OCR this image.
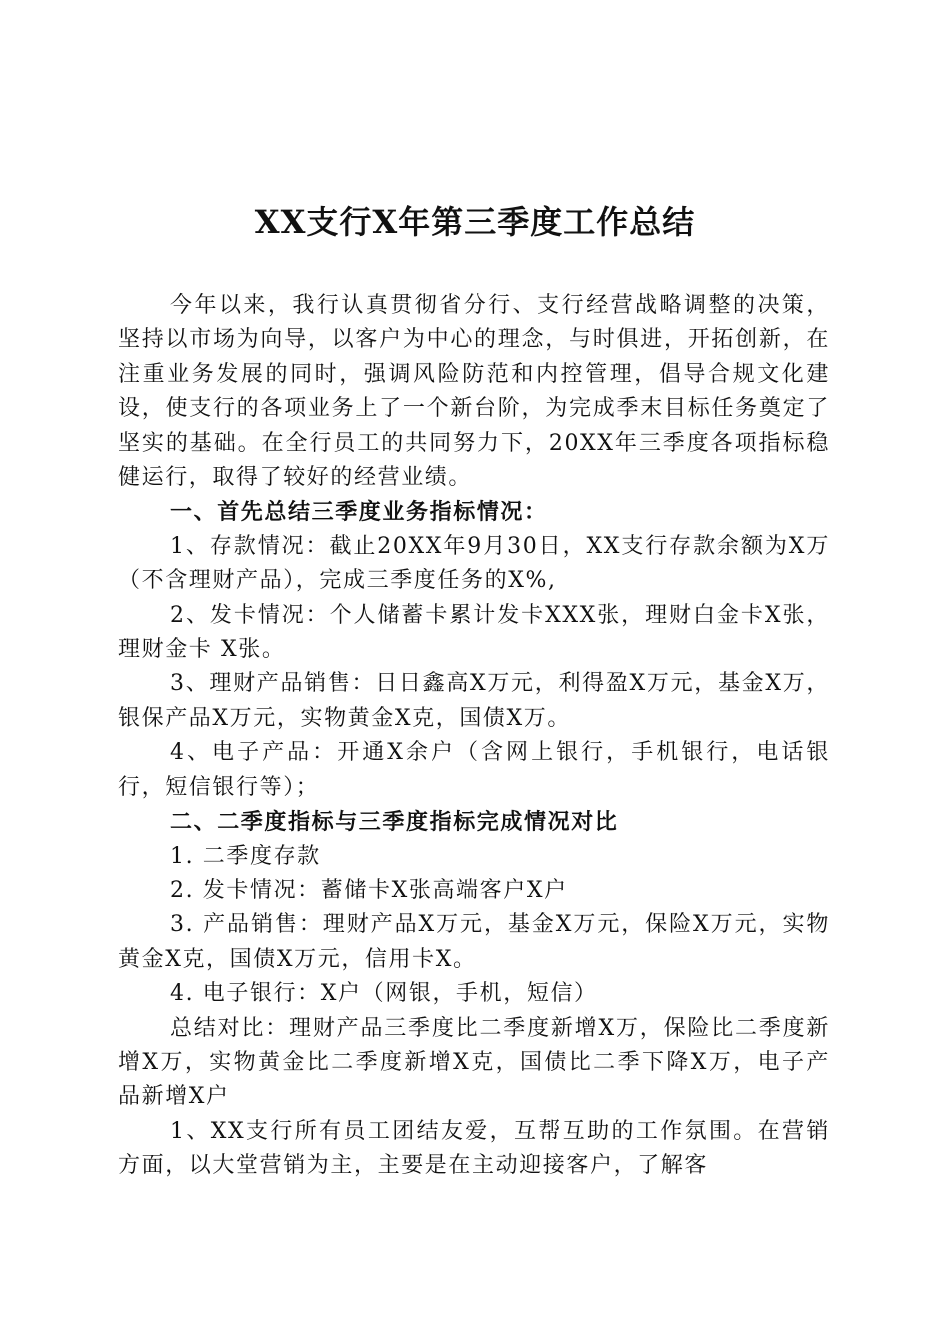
XX支行X年第三季度工作总结

今年以来，我行认真贯彻省分行、支行经营战略调整的决策，坚持以市场为向导，以客户为中心的理念，与时俱进，开拓创新，在注重业务发展的同时，强调风险防范和内控管理，倡导合规文化建设，使支行的各项业务上了一个新台阶，为完成季末目标任务奠定了坚实的基础。在全行员工的共同努力下，20XX年三季度各项指标稳健运行，取得了较好的经营业绩。

一、首先总结三季度业务指标情况：

1、存款情况：截止20XX年9月30日，XX支行存款余额为X万（不含理财产品），完成三季度任务的X%,

2、发卡情况：个人储蓄卡累计发卡XXX张，理财白金卡X张，理财金卡 X张。

3、理财产品销售：日日鑫高X万元，利得盈X万元，基金X万，银保产品X万元，实物黄金X克，国债X万。

4、电子产品：开通X余户（含网上银行，手机银行，电话银行，短信银行等）；

二、二季度指标与三季度指标完成情况对比

1. 二季度存款

2. 发卡情况：蓄储卡X张高端客户X户

3. 产品销售：理财产品X万元，基金X万元，保险X万元，实物黄金X克，国债X万元，信用卡X。

4. 电子银行：X户（网银，手机，短信）

总结对比：理财产品三季度比二季度新增X万，保险比二季度新增X万，实物黄金比二季度新增X克，国债比二季下降X万，电子产品新增X户

1、XX支行所有员工团结友爱，互帮互助的工作氛围。在营销方面，以大堂营销为主，主要是在主动迎接客户，了解客
